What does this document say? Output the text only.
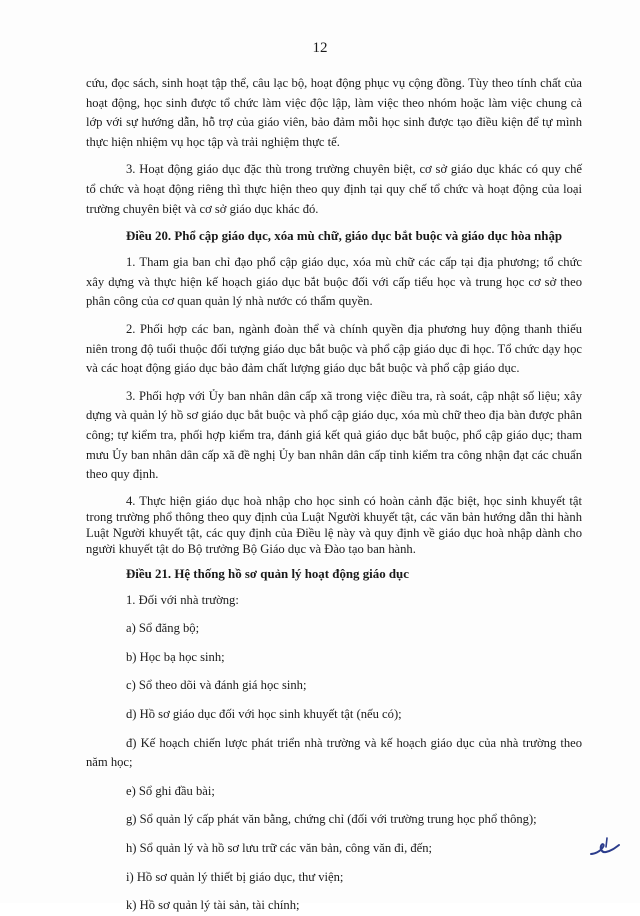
12

cứu, đọc sách, sinh hoạt tập thể, câu lạc bộ, hoạt động phục vụ cộng đồng. Tùy theo tính chất của hoạt động, học sinh được tổ chức làm việc độc lập, làm việc theo nhóm hoặc làm việc chung cả lớp với sự hướng dẫn, hỗ trợ của giáo viên, bảo đảm mỗi học sinh được tạo điều kiện để tự mình thực hiện nhiệm vụ học tập và trải nghiệm thực tế.

3. Hoạt động giáo dục đặc thù trong trường chuyên biệt, cơ sở giáo dục khác có quy chế tổ chức và hoạt động riêng thì thực hiện theo quy định tại quy chế tổ chức và hoạt động của loại trường chuyên biệt và cơ sở giáo dục khác đó.

Điều 20. Phổ cập giáo dục, xóa mù chữ, giáo dục bắt buộc và giáo dục hòa nhập

1. Tham gia ban chỉ đạo phổ cập giáo dục, xóa mù chữ các cấp tại địa phương; tổ chức xây dựng và thực hiện kế hoạch giáo dục bắt buộc đối với cấp tiểu học và trung học cơ sở theo phân công của cơ quan quản lý nhà nước có thẩm quyền.

2. Phối hợp các ban, ngành đoàn thể và chính quyền địa phương huy động thanh thiếu niên trong độ tuổi thuộc đối tượng giáo dục bắt buộc và phổ cập giáo dục đi học. Tổ chức dạy học và các hoạt động giáo dục bảo đảm chất lượng giáo dục bắt buộc và phổ cập giáo dục.

3. Phối hợp với Ủy ban nhân dân cấp xã trong việc điều tra, rà soát, cập nhật số liệu; xây dựng và quản lý hồ sơ giáo dục bắt buộc và phổ cập giáo dục, xóa mù chữ theo địa bàn được phân công; tự kiểm tra, phối hợp kiểm tra, đánh giá kết quả giáo dục bắt buộc, phổ cập giáo dục; tham mưu Ủy ban nhân dân cấp xã đề nghị Ủy ban nhân dân cấp tỉnh kiểm tra công nhận đạt các chuẩn theo quy định.

4. Thực hiện giáo dục hoà nhập cho học sinh có hoàn cảnh đặc biệt, học sinh khuyết tật trong trường phổ thông theo quy định của Luật Người khuyết tật, các văn bản hướng dẫn thi hành Luật Người khuyết tật, các quy định của Điều lệ này và quy định về giáo dục hoà nhập dành cho người khuyết tật do Bộ trưởng Bộ Giáo dục và Đào tạo ban hành.

Điều 21. Hệ thống hồ sơ quản lý hoạt động giáo dục

1. Đối với nhà trường:

a) Sổ đăng bộ;

b) Học bạ học sinh;

c) Sổ theo dõi và đánh giá học sinh;

d) Hồ sơ giáo dục đối với học sinh khuyết tật (nếu có);

đ) Kế hoạch chiến lược phát triển nhà trường và kế hoạch giáo dục của nhà trường theo năm học;

e) Sổ ghi đầu bài;

g) Sổ quản lý cấp phát văn bằng, chứng chỉ (đối với trường trung học phổ thông);

h) Sổ quản lý và hồ sơ lưu trữ các văn bản, công văn đi, đến;

i) Hồ sơ quản lý thiết bị giáo dục, thư viện;

k) Hồ sơ quản lý tài sản, tài chính;
